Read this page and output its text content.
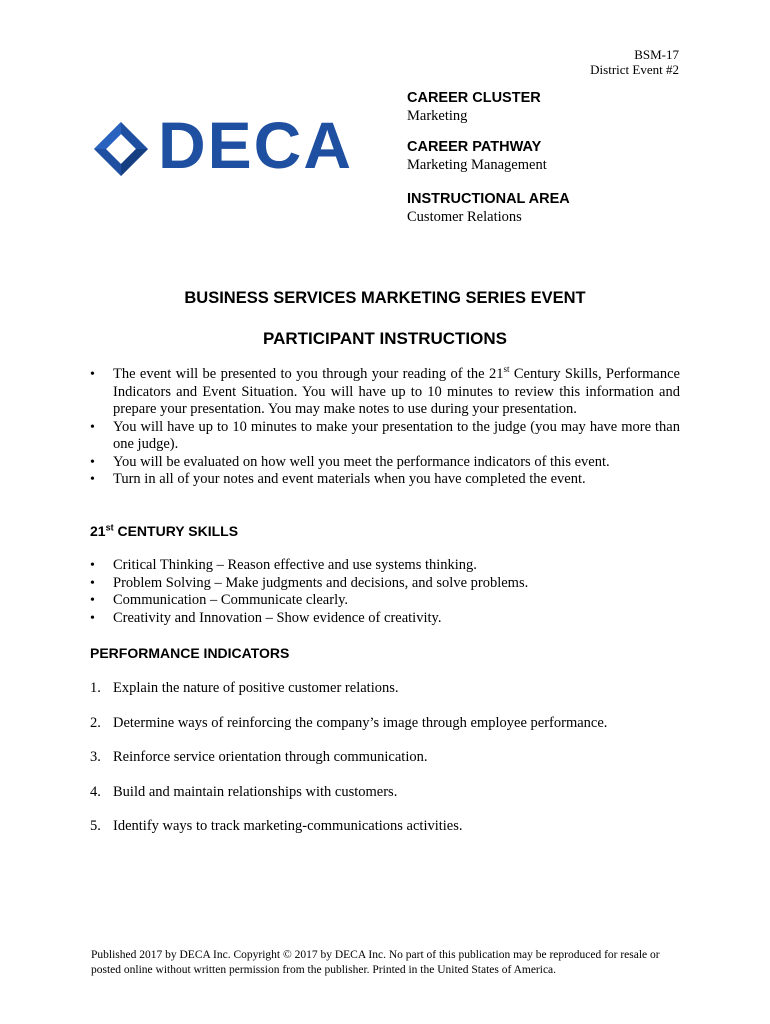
BSM-17
District Event #2
DECA
CAREER CLUSTER
Marketing
CAREER PATHWAY
Marketing Management
INSTRUCTIONAL AREA
Customer Relations
BUSINESS SERVICES MARKETING SERIES EVENT
PARTICIPANT INSTRUCTIONS
• The event will be presented to you through your reading of the 21st Century Skills, Performance Indicators and Event Situation. You will have up to 10 minutes to review this information and prepare your presentation. You may make notes to use during your presentation.
• You will have up to 10 minutes to make your presentation to the judge (you may have more than one judge).
• You will be evaluated on how well you meet the performance indicators of this event.
• Turn in all of your notes and event materials when you have completed the event.
21st CENTURY SKILLS
• Critical Thinking – Reason effective and use systems thinking.
• Problem Solving – Make judgments and decisions, and solve problems.
• Communication – Communicate clearly.
• Creativity and Innovation – Show evidence of creativity.
PERFORMANCE INDICATORS
1. Explain the nature of positive customer relations.
2. Determine ways of reinforcing the company’s image through employee performance.
3. Reinforce service orientation through communication.
4. Build and maintain relationships with customers.
5. Identify ways to track marketing-communications activities.
Published 2017 by DECA Inc. Copyright © 2017 by DECA Inc. No part of this publication may be reproduced for resale or posted online without written permission from the publisher. Printed in the United States of America.
